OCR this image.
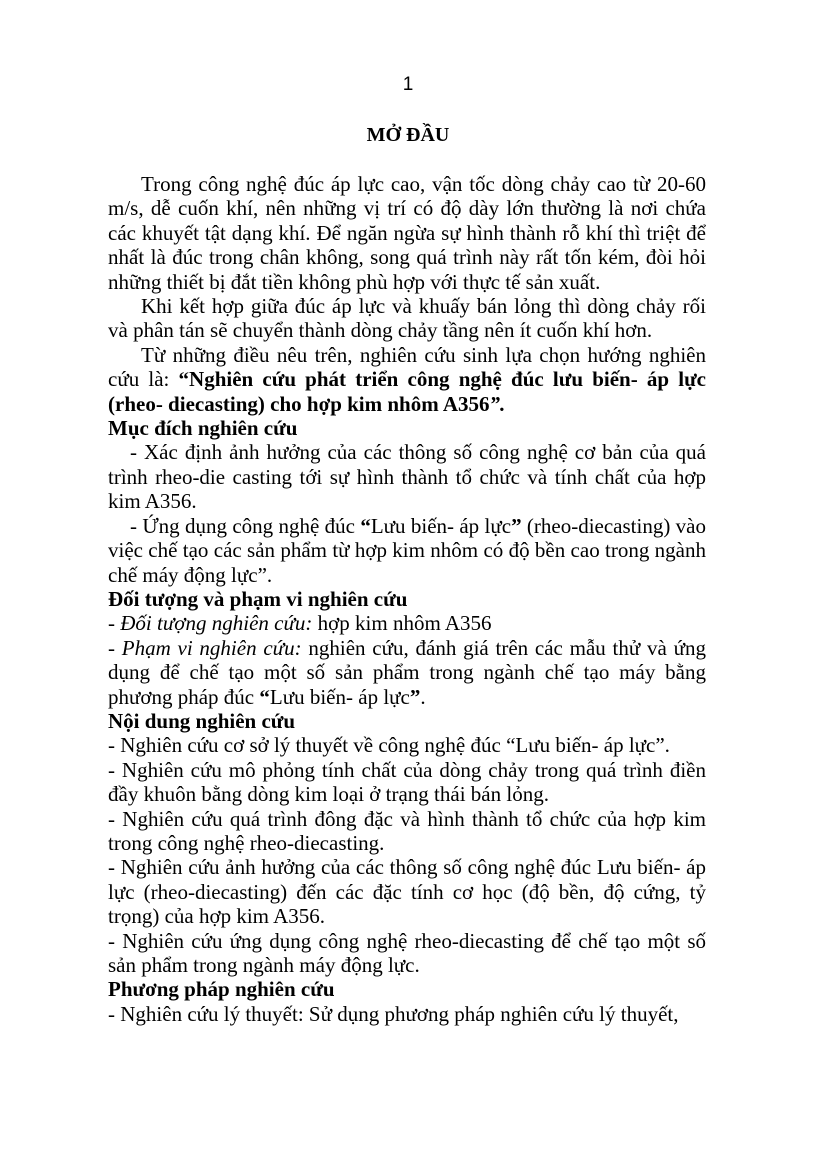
1
MỞ ĐẦU

Trong công nghệ đúc áp lực cao, vận tốc dòng chảy cao từ 20-60 m/s, dễ cuốn khí, nên những vị trí có độ dày lớn thường là nơi chứa các khuyết tật dạng khí. Để ngăn ngừa sự hình thành rỗ khí thì triệt để nhất là đúc trong chân không, song quá trình này rất tốn kém, đòi hỏi những thiết bị đắt tiền không phù hợp với thực tế sản xuất.

Khi kết hợp giữa đúc áp lực và khuấy bán lỏng thì dòng chảy rối và phân tán sẽ chuyển thành dòng chảy tầng nên ít cuốn khí hơn.

Từ những điều nêu trên, nghiên cứu sinh lựa chọn hướng nghiên cứu là: “Nghiên cứu phát triển công nghệ đúc lưu biến- áp lực (rheo- diecasting) cho hợp kim nhôm A356”.

Mục đích nghiên cứu

- Xác định ảnh hưởng của các thông số công nghệ cơ bản của quá trình rheo-die casting tới sự hình thành tổ chức và tính chất của hợp kim A356.

- Ứng dụng công nghệ đúc “Lưu biến- áp lực” (rheo-diecasting) vào việc chế tạo các sản phẩm từ hợp kim nhôm có độ bền cao trong ngành chế máy động lực”.

Đối tượng và phạm vi nghiên cứu

- Đối tượng nghiên cứu: hợp kim nhôm A356

- Phạm vi nghiên cứu: nghiên cứu, đánh giá trên các mẫu thử và ứng dụng để chế tạo một số sản phẩm trong ngành chế tạo máy bằng phương pháp đúc “Lưu biến- áp lực”.

Nội dung nghiên cứu

- Nghiên cứu cơ sở lý thuyết về công nghệ đúc “Lưu biến- áp lực”.

- Nghiên cứu mô phỏng tính chất của dòng chảy trong quá trình điền đầy khuôn bằng dòng kim loại ở trạng thái bán lỏng.

- Nghiên cứu quá trình đông đặc và hình thành tổ chức của hợp kim trong công nghệ rheo-diecasting.

- Nghiên cứu ảnh hưởng của các thông số công nghệ đúc Lưu biến- áp lực (rheo-diecasting) đến các đặc tính cơ học (độ bền, độ cứng, tỷ trọng) của hợp kim A356.

- Nghiên cứu ứng dụng công nghệ rheo-diecasting để chế tạo một số sản phẩm trong ngành máy động lực.

Phương pháp nghiên cứu

- Nghiên cứu lý thuyết: Sử dụng phương pháp nghiên cứu lý thuyết,
